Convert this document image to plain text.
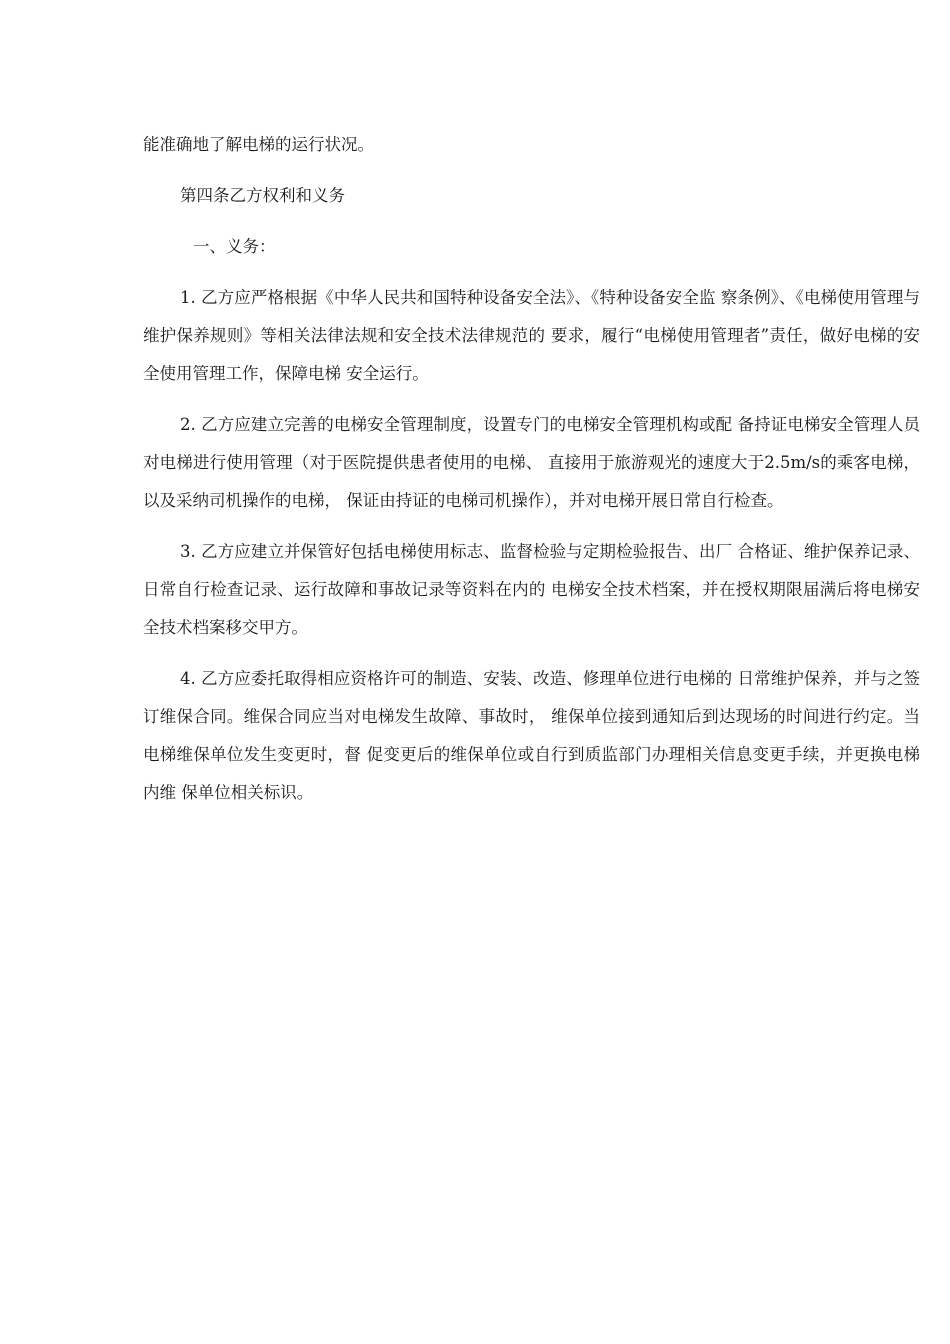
能准确地了解电梯的运行状况。

第四条乙方权利和义务

一、义务：

1. 乙方应严格根据《中华人民共和国特种设备安全法》、《特种设备安全监 察条例》、《电梯使用管理与维护保养规则》等相关法律法规和安全技术法律规范的 要求，履行“电梯使用管理者”责任，做好电梯的安全使用管理工作，保障电梯 安全运行。

2. 乙方应建立完善的电梯安全管理制度，设置专门的电梯安全管理机构或配 备持证电梯安全管理人员对电梯进行使用管理（对于医院提供患者使用的电梯、 直接用于旅游观光的速度大于2.5m/s的乘客电梯，以及采纳司机操作的电梯， 保证由持证的电梯司机操作），并对电梯开展日常自行检查。

3. 乙方应建立并保管好包括电梯使用标志、监督检验与定期检验报告、出厂 合格证、维护保养记录、日常自行检查记录、运行故障和事故记录等资料在内的 电梯安全技术档案，并在授权期限届满后将电梯安全技术档案移交甲方。

4. 乙方应委托取得相应资格许可的制造、安装、改造、修理单位进行电梯的 日常维护保养，并与之签订维保合同。维保合同应当对电梯发生故障、事故时， 维保单位接到通知后到达现场的时间进行约定。当电梯维保单位发生变更时，督 促变更后的维保单位或自行到质监部门办理相关信息变更手续，并更换电梯内维 保单位相关标识。
